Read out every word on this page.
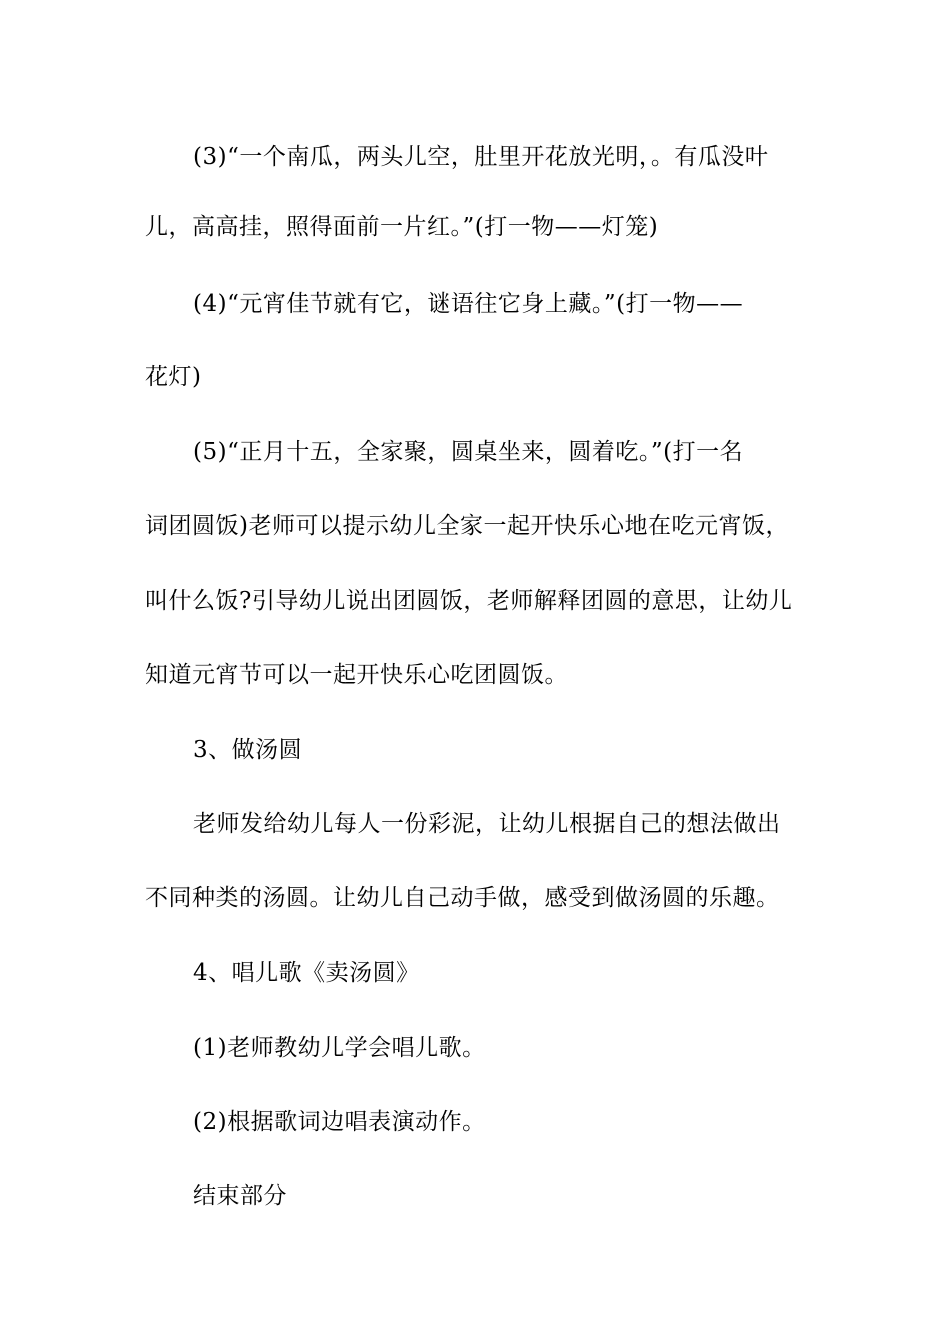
(3)“一个南瓜，两头儿空，肚里开花放光明，。有瓜没叶
儿，高高挂，照得面前一片红。”(打一物——灯笼)
(4)“元宵佳节就有它，谜语往它身上藏。”(打一物——
花灯)
(5)“正月十五，全家聚，圆桌坐来，圆着吃。”(打一名
词团圆饭)老师可以提示幼儿全家一起开快乐心地在吃元宵饭，
叫什么饭?引导幼儿说出团圆饭，老师解释团圆的意思，让幼儿
知道元宵节可以一起开快乐心吃团圆饭。
3、做汤圆
老师发给幼儿每人一份彩泥，让幼儿根据自己的想法做出
不同种类的汤圆。让幼儿自己动手做，感受到做汤圆的乐趣。
4、唱儿歌《卖汤圆》
(1)老师教幼儿学会唱儿歌。
(2)根据歌词边唱表演动作。
结束部分
